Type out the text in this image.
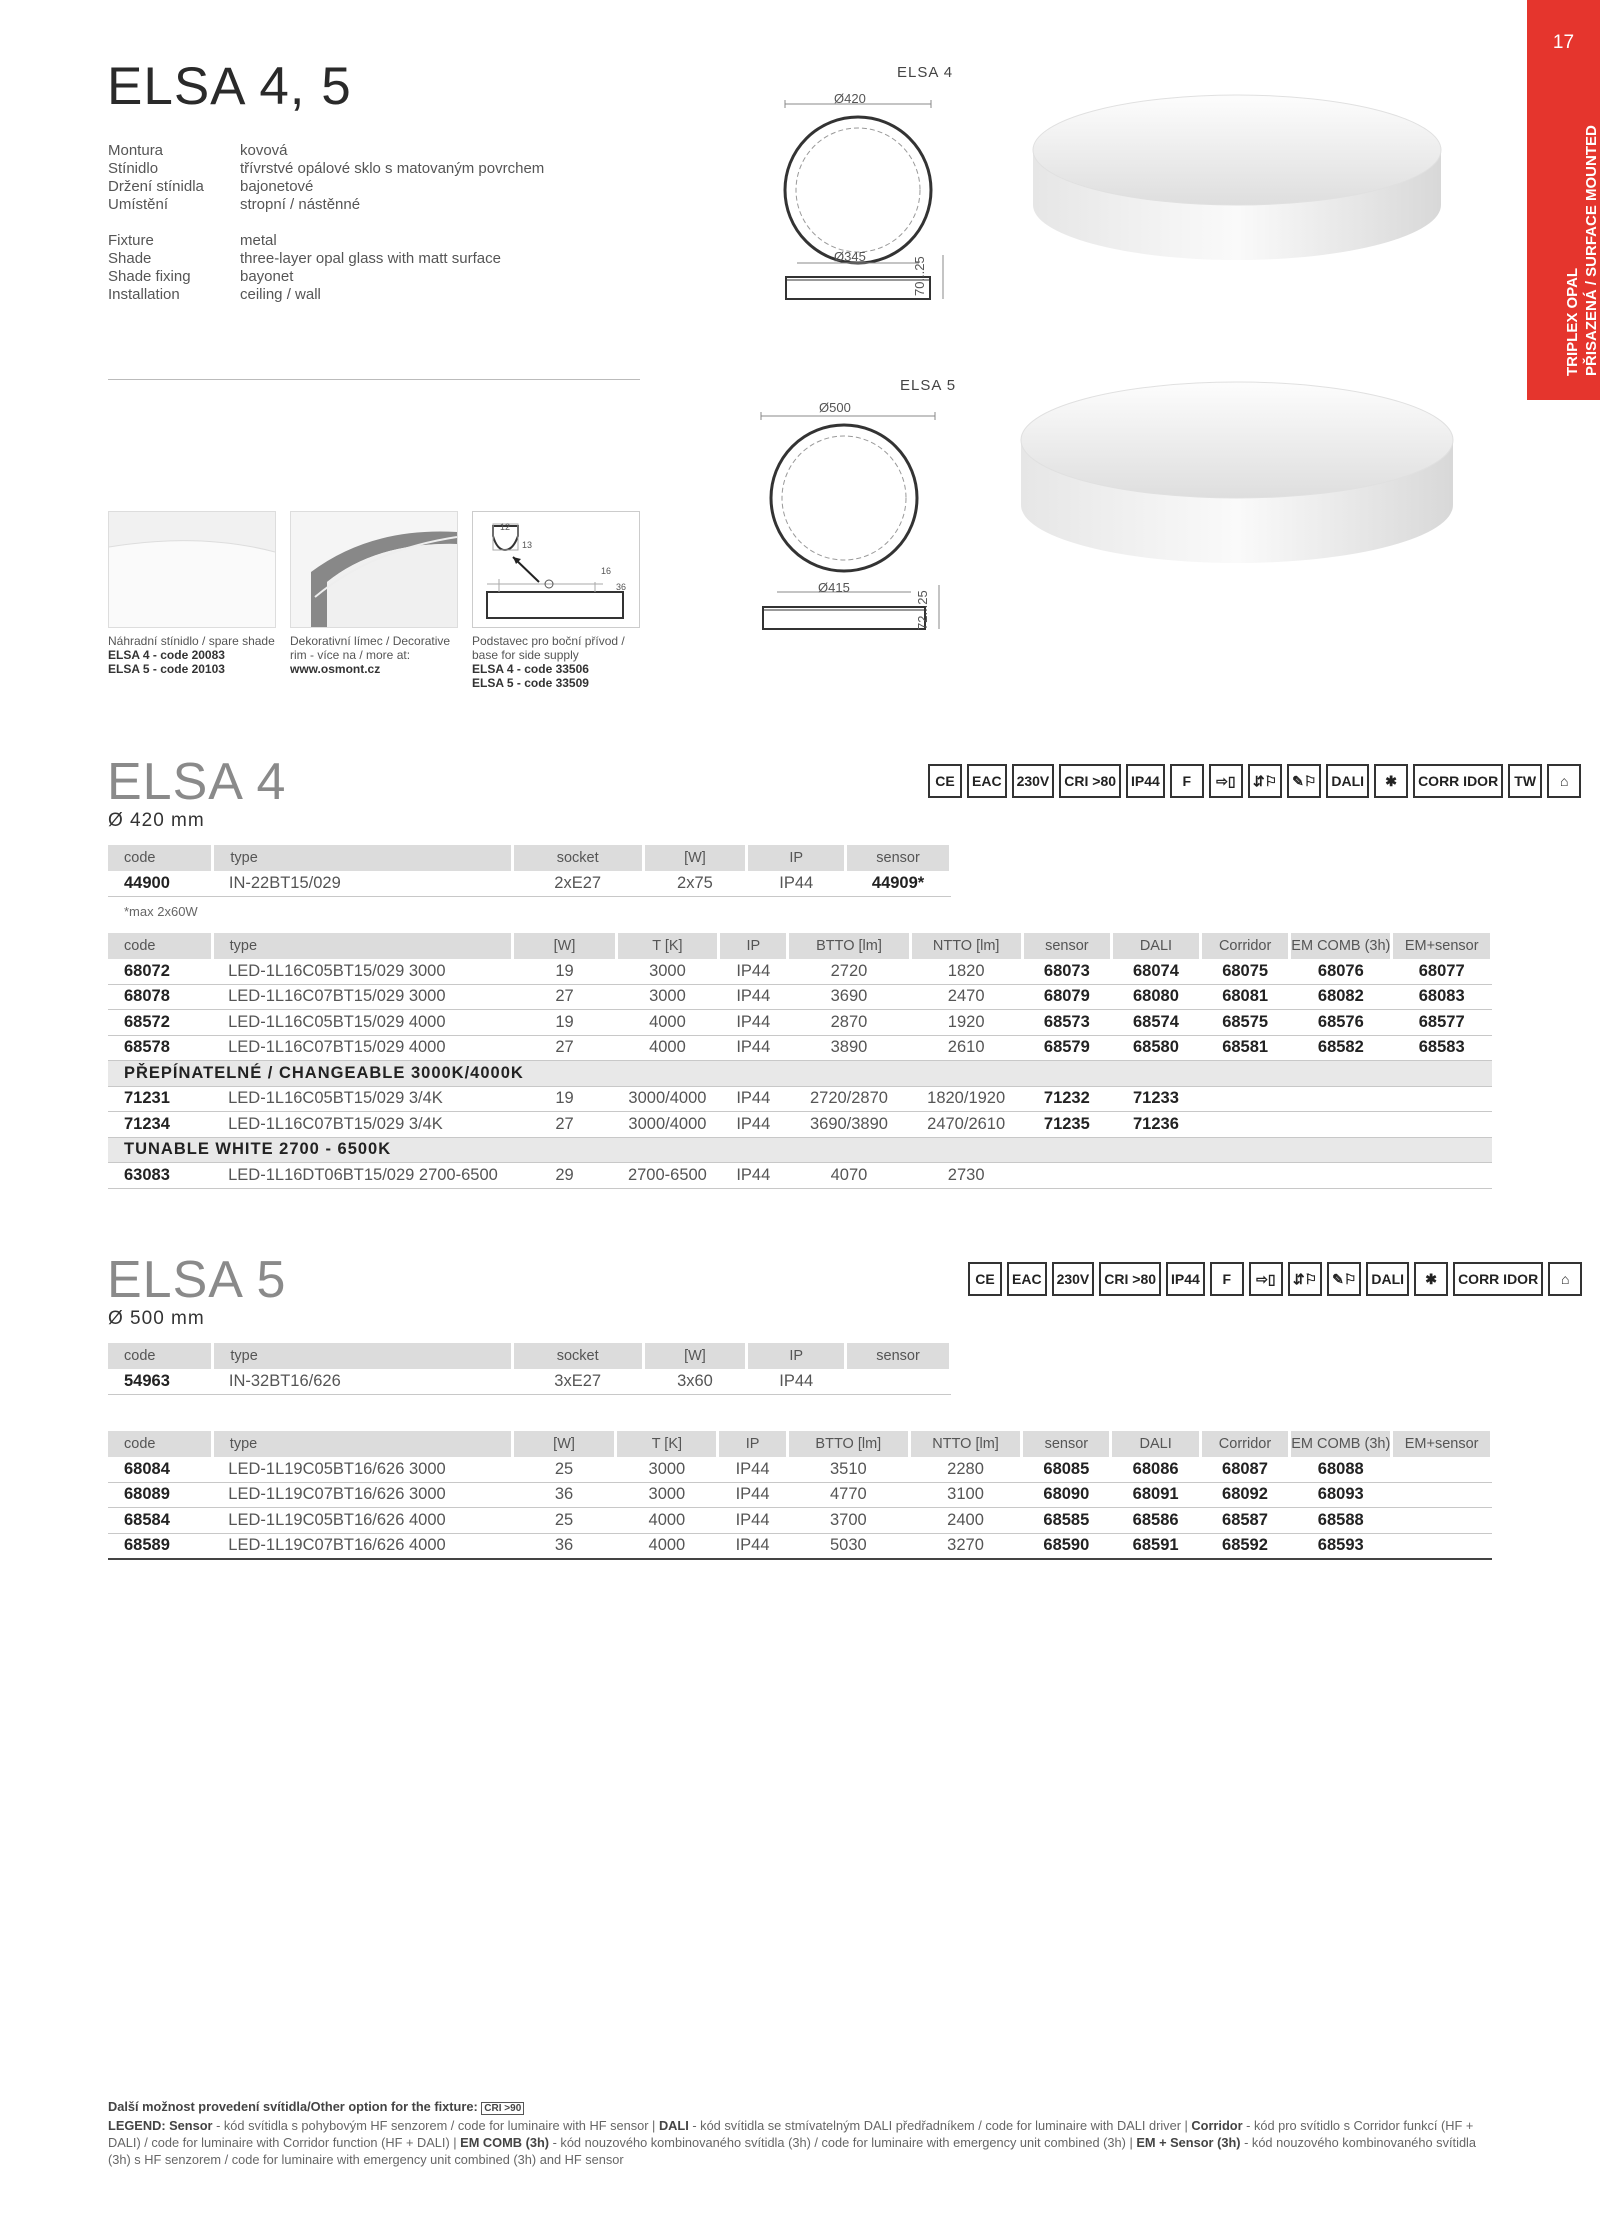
17
TRIPLEX OPAL PŘISAZENÁ / SURFACE MOUNTED
ELSA 4, 5
Montura	kovová
Stínidlo	třívrstvé opálové sklo s matovaným povrchem
Držení stínidla	bajonetové
Umístění	stropní / nástěnné
Fixture	metal
Shade	three-layer opal glass with matt surface
Shade fixing	bayonet
Installation	ceiling / wall
ELSA 4
ELSA 5
Ø420
Ø345	70...25
Ø500
Ø415
72...25
12
13
16
36
Náhradní stínidlo / spare shade
ELSA 4 - code 20083
ELSA 5 - code 20103
Dekorativní límec / Decorative rim - více na / more at:
www.osmont.cz
Podstavec pro boční přívod / base for side supply
ELSA 4 - code 33506
ELSA 5 - code 33509
ELSA 4
Ø 420 mm
CE	EAC	230V	CRI >80	IP44	F	⇨▯	⇵⚐	✎⚐	DALI	✱	CORR IDOR	TW	⌂
code	type	socket	[W]	IP	sensor
44900	IN-22BT15/029	2xE27	2x75	IP44	44909*
*max 2x60W
code	type	[W]	T [K]	IP	BTTO [lm]	NTTO [lm]	sensor	DALI	Corridor	EM COMB (3h)	EM+sensor
68072	LED-1L16C05BT15/029 3000	19	3000	IP44	2720	1820	68073	68074	68075	68076	68077
68078	LED-1L16C07BT15/029 3000	27	3000	IP44	3690	2470	68079	68080	68081	68082	68083
68572	LED-1L16C05BT15/029 4000	19	4000	IP44	2870	1920	68573	68574	68575	68576	68577
68578	LED-1L16C07BT15/029 4000	27	4000	IP44	3890	2610	68579	68580	68581	68582	68583
PŘEPÍNATELNÉ / CHANGEABLE 3000K/4000K											
71231	LED-1L16C05BT15/029 3/4K	19	3000/4000	IP44	2720/2870	1820/1920	71232	71233			
71234	LED-1L16C07BT15/029 3/4K	27	3000/4000	IP44	3690/3890	2470/2610	71235	71236			
TUNABLE WHITE 2700 - 6500K											
63083	LED-1L16DT06BT15/029 2700-6500	29	2700-6500	IP44	4070	2730					
ELSA 5
Ø 500 mm
CE	EAC	230V	CRI >80	IP44	F	⇨▯	⇵⚐	✎⚐	DALI	✱	CORR IDOR	⌂
code	type	socket	[W]	IP	sensor
54963	IN-32BT16/626	3xE27	3x60	IP44	
code	type	[W]	T [K]	IP	BTTO [lm]	NTTO [lm]	sensor	DALI	Corridor	EM COMB (3h)	EM+sensor
68084	LED-1L19C05BT16/626 3000	25	3000	IP44	3510	2280	68085	68086	68087	68088	
68089	LED-1L19C07BT16/626 3000	36	3000	IP44	4770	3100	68090	68091	68092	68093	
68584	LED-1L19C05BT16/626 4000	25	4000	IP44	3700	2400	68585	68586	68587	68588	
68589	LED-1L19C07BT16/626 4000	36	4000	IP44	5030	3270	68590	68591	68592	68593	
Další možnost provedení svítidla/Other option for the fixture: CRI >90
LEGEND: Sensor - kód svítidla s pohybovým HF senzorem / code for luminaire with HF sensor | DALI - kód svítidla se stmívatelným DALI předřadníkem / code for luminaire with DALI driver | Corridor - kód pro svítidlo s Corridor funkcí (HF + DALI) / code for luminaire with Corridor function (HF + DALI) | EM COMB (3h) - kód nouzového kombinovaného svítidla (3h) / code for luminaire with emergency unit combined (3h) | EM + Sensor (3h) - kód nouzového kombinovaného svítidla (3h) s HF senzorem / code for luminaire with emergency unit combined (3h) and HF sensor
